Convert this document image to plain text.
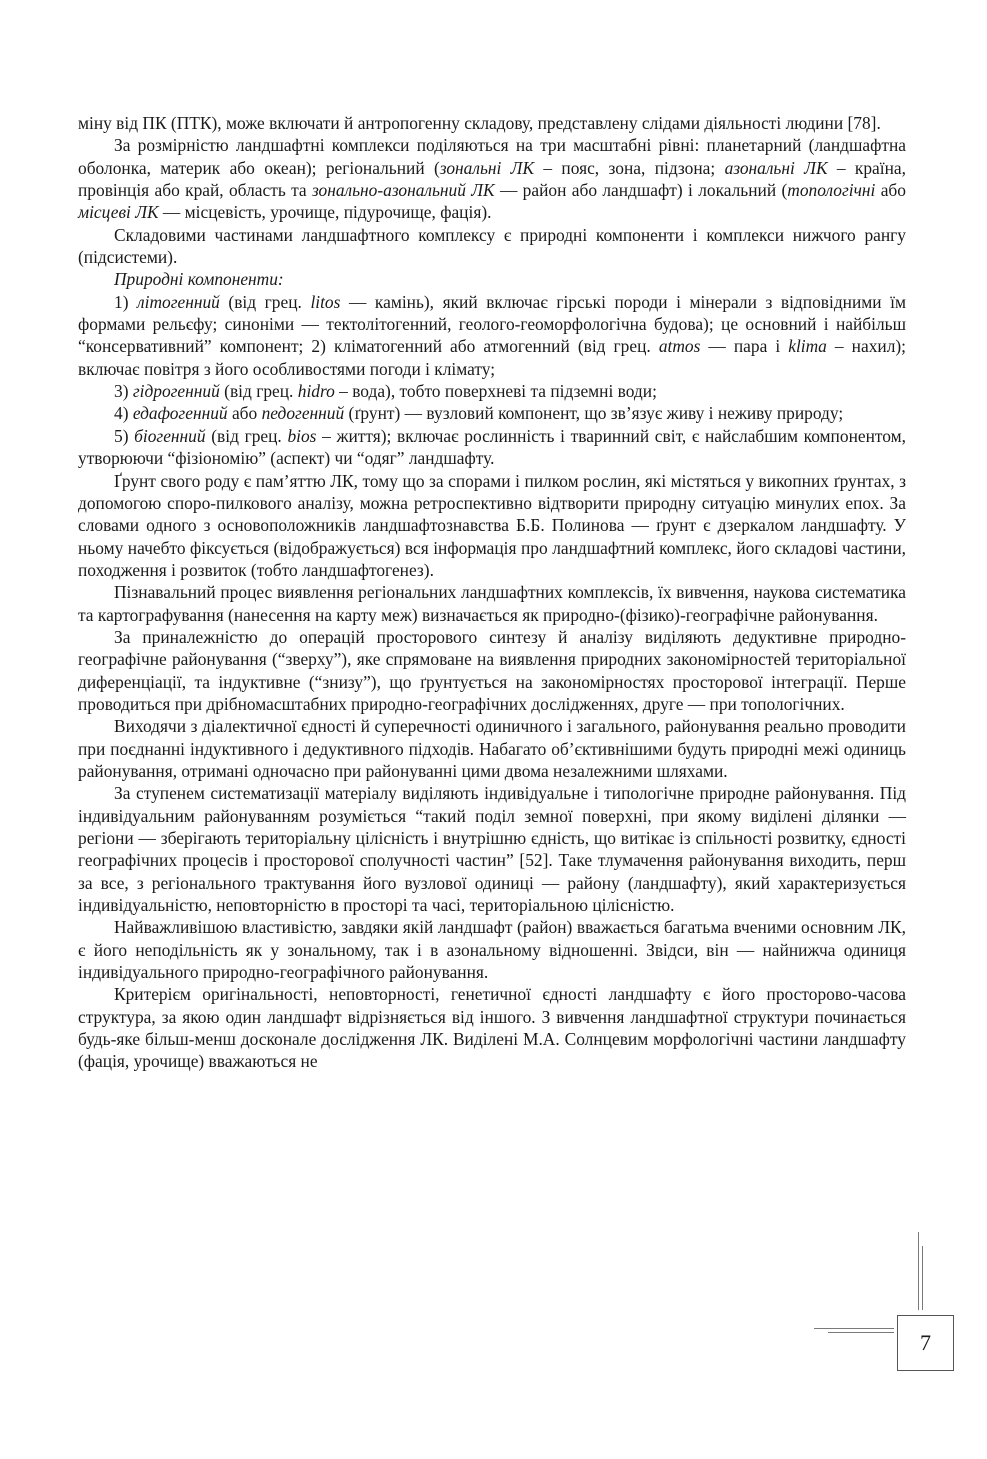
міну від ПК (ПТК), може включати й антропогенну складову, представлену слідами діяльності людини [78].

За розмірністю ландшафтні комплекси поділяються на три масштабні рівні: планетарний (ландшафтна оболонка, материк або океан); регіональний (зональні ЛК – пояс, зона, підзона; азональні ЛК – країна, провінція або край, область та зонально-азональний ЛК — район або ландшафт) і локальний (топологічні або місцеві ЛК — місцевість, урочище, підурочище, фація).

Складовими частинами ландшафтного комплексу є природні компоненти і комплекси нижчого рангу (підсистеми).

Природні компоненти:

1) літогенний (від грец. litos — камінь), який включає гірські породи і мінерали з відповідними їм формами рельєфу; синоніми — тектолітогенний, геолого-геоморфологічна будова); це основний і найбільш “консервативний” компонент; 2) кліматогенний або атмогенний (від грец. atmos — пара і klima – нахил); включає повітря з його особливостями погоди і клімату;

3) гідрогенний (від грец. hidro – вода), тобто поверхневі та підземні води;

4) едафогенний або педогенний (ґрунт) — вузловий компонент, що зв’язує живу і неживу природу;

5) біогенний (від грец. bios – життя); включає рослинність і тваринний світ, є найслабшим компонентом, утворюючи “фізіономію” (аспект) чи “одяг” ландшафту.

Ґрунт свого роду є пам’яттю ЛК, тому що за спорами і пилком рослин, які містяться у викопних ґрунтах, з допомогою споро-пилкового аналізу, можна ретроспективно відтворити природну ситуацію минулих епох. За словами одного з основоположників ландшафтознавства Б.Б. Полинова — ґрунт є дзеркалом ландшафту. У ньому начебто фіксується (відображується) вся інформація про ландшафтний комплекс, його складові частини, походження і розвиток (тобто ландшафтогенез).

Пізнавальний процес виявлення регіональних ландшафтних комплексів, їх вивчення, наукова систематика та картографування (нанесення на карту меж) визначається як природно-(фізико)-географічне районування.

За приналежністю до операцій просторового синтезу й аналізу виділяють дедуктивне природно-географічне районування (“зверху”), яке спрямоване на виявлення природних закономірностей територіальної диференціації, та індуктивне (“знизу”), що ґрунтується на закономірностях просторової інтеграції. Перше проводиться при дрібномасштабних природно-географічних дослідженнях, друге — при топологічних.

Виходячи з діалектичної єдності й суперечності одиничного і загального, районування реально проводити при поєднанні індуктивного і дедуктивного підходів. Набагато об’єктивнішими будуть природні межі одиниць районування, отримані одночасно при районуванні цими двома незалежними шляхами.

За ступенем систематизації матеріалу виділяють індивідуальне і типологічне природне районування. Під індивідуальним районуванням розуміється “такий поділ земної поверхні, при якому виділені ділянки — регіони — зберігають територіальну цілісність і внутрішню єдність, що витікає із спільності розвитку, єдності географічних процесів і просторової сполучності частин” [52]. Таке тлумачення районування виходить, перш за все, з регіонального трактування його вузлової одиниці — району (ландшафту), який характеризується індивідуальністю, неповторністю в просторі та часі, територіальною цілісністю.

Найважливішою властивістю, завдяки якій ландшафт (район) вважається багатьма вченими основним ЛК, є його неподільність як у зональному, так і в азональному відношенні. Звідси, він — найнижча одиниця індивідуального природно-географічного районування.

Критерієм оригінальності, неповторності, генетичної єдності ландшафту є його просторово-часова структура, за якою один ландшафт відрізняється від іншого. З вивчення ландшафтної структури починається будь-яке більш-менш досконале дослідження ЛК. Виділені М.А. Солнцевим морфологічні частини ландшафту (фація, урочище) вважаються не

7
